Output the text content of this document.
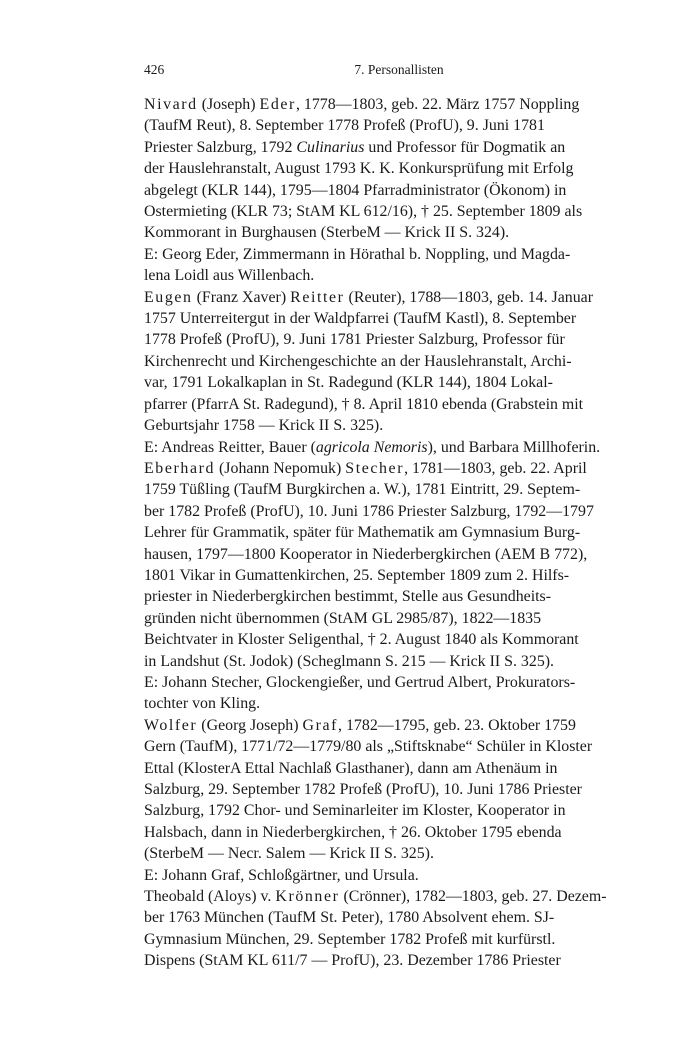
426	7. Personallisten

Nivard (Joseph) Eder, 1778—1803, geb. 22. März 1757 Noppling
(TaufM Reut), 8. September 1778 Profeß (ProfU), 9. Juni 1781
Priester Salzburg, 1792 Culinarius und Professor für Dogmatik an
der Hauslehranstalt, August 1793 K. K. Konkursprüfung mit Erfolg
abgelegt (KLR 144), 1795—1804 Pfarradministrator (Ökonom) in
Ostermieting (KLR 73; StAM KL 612/16), † 25. September 1809 als
Kommorant in Burghausen (SterbeM — Krick II S. 324).
E: Georg Eder, Zimmermann in Hörathal b. Noppling, und Magda-
lena Loidl aus Willenbach.

Eugen (Franz Xaver) Reitter (Reuter), 1788—1803, geb. 14. Januar
1757 Unterreitergut in der Waldpfarrei (TaufM Kastl), 8. September
1778 Profeß (ProfU), 9. Juni 1781 Priester Salzburg, Professor für
Kirchenrecht und Kirchengeschichte an der Hauslehranstalt, Archi-
var, 1791 Lokalkaplan in St. Radegund (KLR 144), 1804 Lokal-
pfarrer (PfarrA St. Radegund), † 8. April 1810 ebenda (Grabstein mit
Geburtsjahr 1758 — Krick II S. 325).
E: Andreas Reitter, Bauer (agricola Nemoris), und Barbara Millhoferin.

Eberhard (Johann Nepomuk) Stecher, 1781—1803, geb. 22. April
1759 Tüßling (TaufM Burgkirchen a. W.), 1781 Eintritt, 29. Septem-
ber 1782 Profeß (ProfU), 10. Juni 1786 Priester Salzburg, 1792—1797
Lehrer für Grammatik, später für Mathematik am Gymnasium Burg-
hausen, 1797—1800 Kooperator in Niederbergkirchen (AEM B 772),
1801 Vikar in Gumattenkirchen, 25. September 1809 zum 2. Hilfs-
priester in Niederbergkirchen bestimmt, Stelle aus Gesundheits-
gründen nicht übernommen (StAM GL 2985/87), 1822—1835
Beichtvater in Kloster Seligenthal, † 2. August 1840 als Kommorant
in Landshut (St. Jodok) (Scheglmann S. 215 — Krick II S. 325).
E: Johann Stecher, Glockengießer, und Gertrud Albert, Prokurators-
tochter von Kling.

Wolfer (Georg Joseph) Graf, 1782—1795, geb. 23. Oktober 1759
Gern (TaufM), 1771/72—1779/80 als „Stiftsknabe“ Schüler in Kloster
Ettal (KlosterA Ettal Nachlaß Glasthaner), dann am Athenäum in
Salzburg, 29. September 1782 Profeß (ProfU), 10. Juni 1786 Priester
Salzburg, 1792 Chor- und Seminarleiter im Kloster, Kooperator in
Halsbach, dann in Niederbergkirchen, † 26. Oktober 1795 ebenda
(SterbeM — Necr. Salem — Krick II S. 325).
E: Johann Graf, Schloßgärtner, und Ursula.

Theobald (Aloys) v. Krönner (Crönner), 1782—1803, geb. 27. Dezem-
ber 1763 München (TaufM St. Peter), 1780 Absolvent ehem. SJ-
Gymnasium München, 29. September 1782 Profeß mit kurfürstl.
Dispens (StAM KL 611/7 — ProfU), 23. Dezember 1786 Priester
